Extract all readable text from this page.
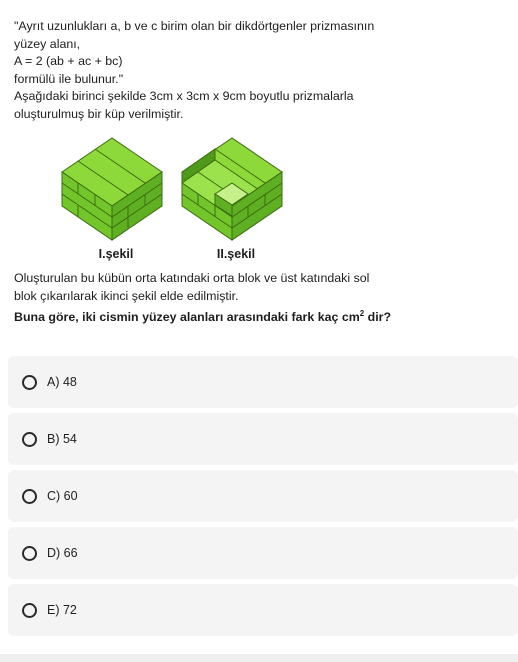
"Ayrıt uzunlukları a, b ve c birim olan bir dikdörtgenler prizmasının

yüzey alanı,

A = 2 (ab + ac + bc)

formülü ile bulunur."

Aşağıdaki birinci şekilde 3cm x 3cm x 9cm boyutlu prizmalarla

oluşturulmuş bir küp verilmiştir.

I.şekil	II.şekil

Oluşturulan bu kübün orta katındaki orta blok ve üst katındaki sol

blok çıkarılarak ikinci şekil elde edilmiştir.

Buna göre, iki cismin yüzey alanları arasındaki fark kaç $cm^2$ dir?

A) 48
B) 54
C) 60
D) 66
E) 72
